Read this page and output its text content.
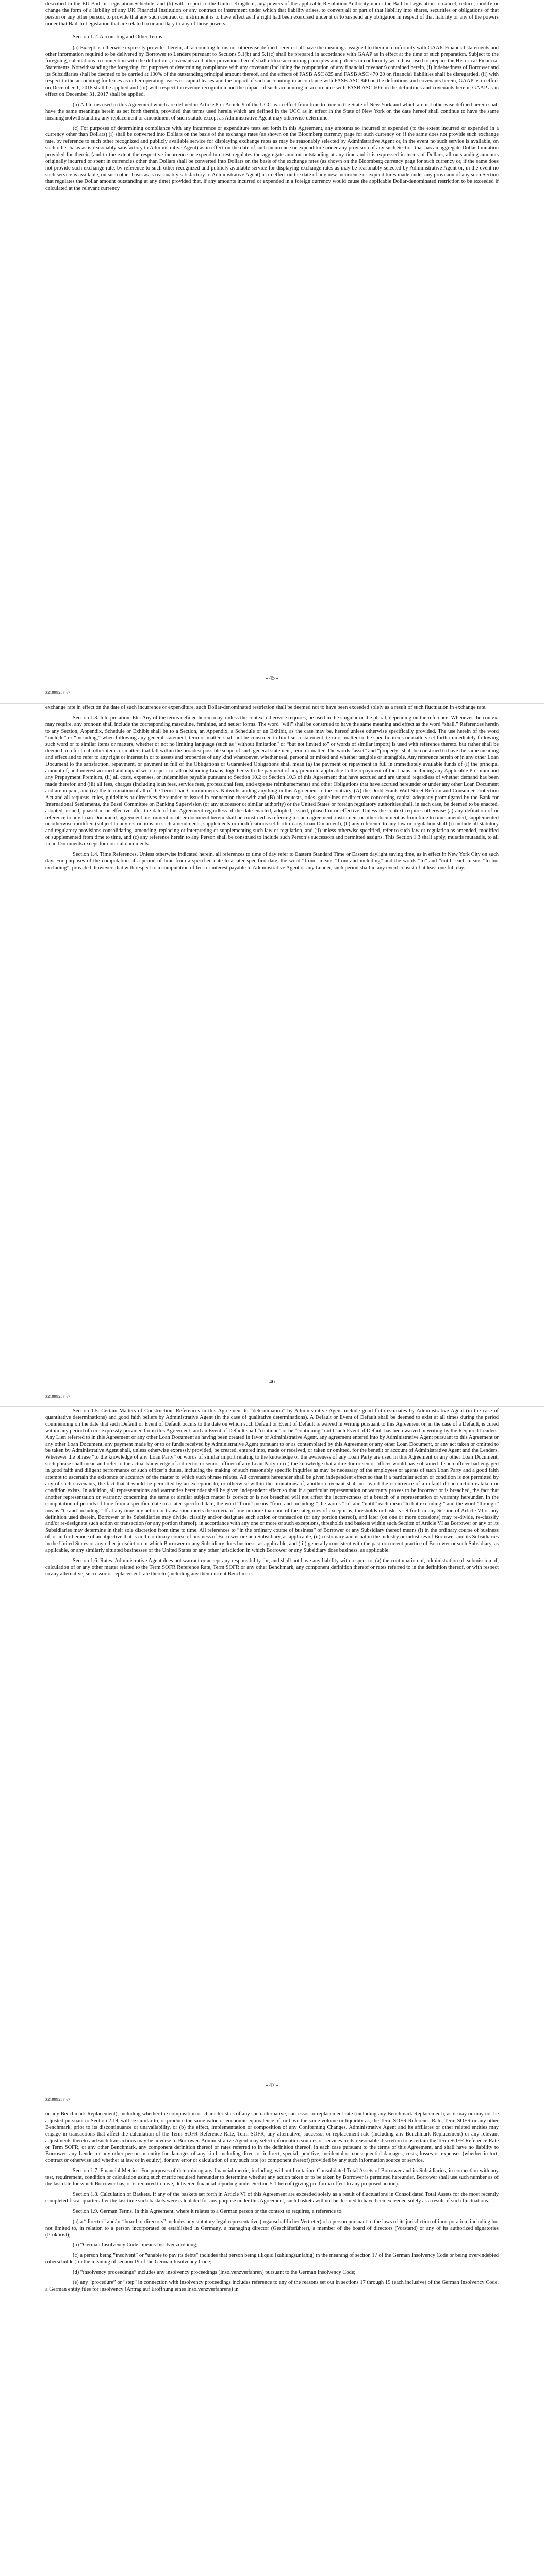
described in the EU Bail-In Legislation Schedule, and (b) with respect to the United Kingdom, any powers of the applicable Resolution Authority under the Bail-In Legislation to cancel, reduce, modify or change the form of a liability of any UK Financial Institution or any contract or instrument under which that liability arises, to convert all or part of that liability into shares, securities or obligations of that person or any other person, to provide that any such contract or instrument is to have effect as if a right had been exercised under it or to suspend any obligation in respect of that liability or any of the powers under that Bail-In Legislation that are related to or ancillary to any of those powers.

Section 1.2. Accounting and Other Terms.

(a) Except as otherwise expressly provided herein, all accounting terms not otherwise defined herein shall have the meanings assigned to them in conformity with GAAP. Financial statements and other information required to be delivered by Borrower to Lenders pursuant to Sections 5.1(b) and 5.1(c) shall be prepared in accordance with GAAP as in effect at the time of such preparation. Subject to the foregoing, calculations in connection with the definitions, covenants and other provisions hereof shall utilize accounting principles and policies in conformity with those used to prepare the Historical Financial Statements. Notwithstanding the foregoing, for purposes of determining compliance with any covenant (including the computation of any financial covenant) contained herein, (i) Indebtedness of Borrower and its Subsidiaries shall be deemed to be carried at 100% of the outstanding principal amount thereof, and the effects of FASB ASC 825 and FASB ASC 470 20 on financial liabilities shall be disregarded, (ii) with respect to the accounting for leases as either operating leases or capital leases and the impact of such accounting in accordance with FASB ASC 840 on the definitions and covenants herein, GAAP as in effect on December 1, 2018 shall be applied and (iii) with respect to revenue recognition and the impact of such accounting in accordance with FASB ASC 606 on the definitions and covenants herein, GAAP as in effect on December 31, 2017 shall be applied.

(b) All terms used in this Agreement which are defined in Article 8 or Article 9 of the UCC as in effect from time to time in the State of New York and which are not otherwise defined herein shall have the same meanings herein as set forth therein, provided that terms used herein which are defined in the UCC as in effect in the State of New York on the date hereof shall continue to have the same meaning notwithstanding any replacement or amendment of such statute except as Administrative Agent may otherwise determine.

(c) For purposes of determining compliance with any incurrence or expenditure tests set forth in this Agreement, any amounts so incurred or expended (to the extent incurred or expended in a currency other than Dollars) (i) shall be converted into Dollars on the basis of the exchange rates (as shown on the Bloomberg currency page for such currency or, if the same does not provide such exchange rate, by reference to such other recognized and publicly available service for displaying exchange rates as may be reasonably selected by Administrative Agent or, in the event no such service is available, on such other basis as is reasonably satisfactory to Administrative Agent) as in effect on the date of such incurrence or expenditure under any provision of any such Section that has an aggregate Dollar limitation provided for therein (and to the extent the respective incurrence or expenditure test regulates the aggregate amount outstanding at any time and it is expressed in terms of Dollars, all outstanding amounts originally incurred or spent in currencies other than Dollars shall be converted into Dollars on the basis of the exchange rates (as shown on the Bloomberg currency page for such currency or, if the same does not provide such exchange rate, by reference to such other recognized and publicly available service for displaying exchange rates as may be reasonably selected by Administrative Agent or, in the event no such service is available, on such other basis as is reasonably satisfactory to Administrative Agent) as in effect on the date of any new incurrence or expenditures made under any provision of any such Section that regulates the Dollar amount outstanding at any time) provided that, if any amounts incurred or expended in a foreign currency would cause the applicable Dollar-denominated restriction to be exceeded if calculated at the relevant currency

- 45 -
321999257 v7

exchange rate in effect on the date of such incurrence or expenditure, such Dollar-denominated restriction shall be deemed not to have been exceeded solely as a result of such fluctuation in exchange rate.

Section 1.3. Interpretation, Etc. Any of the terms defined herein may, unless the context otherwise requires, be used in the singular or the plural, depending on the reference. Whenever the context may require, any pronoun shall include the corresponding masculine, feminine, and neuter forms. The word “will” shall be construed to have the same meaning and effect as the word “shall.” References herein to any Section, Appendix, Schedule or Exhibit shall be to a Section, an Appendix, a Schedule or an Exhibit, as the case may be, hereof unless otherwise specifically provided. The use herein of the word “include” or “including,” when following any general statement, term or matter, shall not be construed to limit such statement, term or matter to the specific items or matters set forth immediately following such word or to similar items or matters, whether or not no limiting language (such as “without limitation” or “but not limited to” or words of similar import) is used with reference thereto, but rather shall be deemed to refer to all other items or matters that fall within the broadest possible scope of such general statement, term or matter. The words “asset” and “property” shall be construed to have the same meaning and effect and to refer to any right or interest in or to assets and properties of any kind whatsoever, whether real, personal or mixed and whether tangible or intangible. Any reference herein or in any other Loan Document to the satisfaction, repayment, or payment in full of the Obligations or Guaranteed Obligations shall mean (a) the payment or repayment in full in immediately available funds of (i) the principal amount of, and interest accrued and unpaid with respect to, all outstanding Loans, together with the payment of any premium applicable to the repayment of the Loans, including any Applicable Premium and any Prepayment Premium, (ii) all costs, expenses, or indemnities payable pursuant to Section 10.2 or Section 10.3 of this Agreement that have accrued and are unpaid regardless of whether demand has been made therefor, and (iii) all fees, charges (including loan fees, service fees, professional fees, and expense reimbursements) and other Obligations that have accrued hereunder or under any other Loan Document and are unpaid, and (iv) the termination of all of the Term Loan Commitments. Notwithstanding anything in this Agreement to the contrary, (A) the Dodd-Frank Wall Street Reform and Consumer Protection Act and all requests, rules, guidelines or directives thereunder or issued in connection therewith and (B) all requests, rules, guidelines or directives concerning capital adequacy promulgated by the Bank for International Settlements, the Basel Committee on Banking Supervision (or any successor or similar authority) or the United States or foreign regulatory authorities shall, in each case, be deemed to be enacted, adopted, issued, phased in or effective after the date of this Agreement regardless of the date enacted, adopted, issued, phased in or effective. Unless the context requires otherwise (a) any definition of or reference to any Loan Document, agreement, instrument or other document herein shall be construed as referring to such agreement, instrument or other document as from time to time amended, supplemented or otherwise modified (subject to any restrictions on such amendments, supplements or modifications set forth in any Loan Document), (b) any reference to any law or regulation shall (i) include all statutory and regulatory provisions consolidating, amending, replacing or interpreting or supplementing such law or regulation, and (ii) unless otherwise specified, refer to such law or regulation as amended, modified or supplemented from time to time, and (c) any reference herein to any Person shall be construed to include such Person’s successors and permitted assigns. This Section 1.3 shall apply, mutatis mutandis, to all Loan Documents except for notarial documents.

Section 1.4. Time References. Unless otherwise indicated herein, all references to time of day refer to Eastern Standard Time or Eastern daylight saving time, as in effect in New York City on such day. For purposes of the computation of a period of time from a specified date to a later specified date, the word “from” means “from and including” and the words “to” and “until” each means “to but excluding”; provided, however, that with respect to a computation of fees or interest payable to Administrative Agent or any Lender, such period shall in any event consist of at least one full day.

- 46 -
321999257 v7

Section 1.5. Certain Matters of Construction. References in this Agreement to “determination” by Administrative Agent include good faith estimates by Administrative Agent (in the case of quantitative determinations) and good faith beliefs by Administrative Agent (in the case of qualitative determinations). A Default or Event of Default shall be deemed to exist at all times during the period commencing on the date that such Default or Event of Default occurs to the date on which such Default or Event of Default is waived in writing pursuant to this Agreement or, in the case of a Default, is cured within any period of cure expressly provided for in this Agreement; and an Event of Default shall “continue” or be “continuing” until such Event of Default has been waived in writing by the Required Lenders. Any Lien referred to in this Agreement or any other Loan Document as having been created in favor of Administrative Agent, any agreement entered into by Administrative Agent pursuant to this Agreement or any other Loan Document, any payment made by or to or funds received by Administrative Agent pursuant to or as contemplated by this Agreement or any other Loan Document, or any act taken or omitted to be taken by Administrative Agent shall, unless otherwise expressly provided, be created, entered into, made or received, or taken or omitted, for the benefit or account of Administrative Agent and the Lenders. Wherever the phrase “to the knowledge of any Loan Party” or words of similar import relating to the knowledge or the awareness of any Loan Party are used in this Agreement or any other Loan Document, such phrase shall mean and refer to the actual knowledge of a director or senior officer of any Loan Party or (ii) the knowledge that a director or senior officer would have obtained if such officer had engaged in good faith and diligent performance of such officer’s duties, including the making of such reasonably specific inquiries as may be necessary of the employees or agents of such Loan Party and a good faith attempt to ascertain the existence or accuracy of the matter to which such phrase relates. All covenants hereunder shall be given independent effect so that if a particular action or condition is not permitted by any of such covenants, the fact that it would be permitted by an exception to, or otherwise within the limitations of, another covenant shall not avoid the occurrence of a default if such action is taken or condition exists. In addition, all representations and warranties hereunder shall be given independent effect so that if a particular representation or warranty proves to be incorrect or is breached, the fact that another representation or warranty concerning the same or similar subject matter is correct or is not breached will not affect the incorrectness of a breach of a representation or warranty hereunder. In the computation of periods of time from a specified date to a later specified date, the word “from” means “from and including;” the words “to” and “until” each mean “to but excluding;” and the word “through” means “to and including.” If at any time any action or transaction meets the criteria of one or more than one of the categories of exceptions, thresholds or baskets set forth in any Section of Article VI or any definition used therein, Borrower or its Subsidiaries may divide, classify and/or designate such action or transaction (or any portion thereof), and later (on one or more occasions) may re-divide, re-classify and/or re-designate such action or transaction (or any portion thereof), in accordance with any one or more of such exceptions, thresholds and baskets within such Section of Article VI as Borrower or any of its Subsidiaries may determine in their sole discretion from time to time. All references to “in the ordinary course of business” of Borrower or any Subsidiary thereof means (i) in the ordinary course of business of, or in furtherance of an objective that is in the ordinary course of business of Borrower or such Subsidiary, as applicable, (ii) customary and usual in the industry or industries of Borrower and its Subsidiaries in the United States or any other jurisdiction in which Borrower or any Subsidiary does business, as applicable, and (iii) generally consistent with the past or current practice of Borrower or such Subsidiary, as applicable, or any similarly situated businesses of the United States or any other jurisdiction in which Borrower or any Subsidiary does business, as applicable.

Section 1.6. Rates. Administrative Agent does not warrant or accept any responsibility for, and shall not have any liability with respect to, (a) the continuation of, administration of, submission of, calculation of or any other matter related to the Term SOFR Reference Rate, Term SOFR or any other Benchmark, any component definition thereof or rates referred to in the definition thereof, or with respect to any alternative, successor or replacement rate thereto (including any then-current Benchmark

- 47 -
321999257 v7

or any Benchmark Replacement), including whether the composition or characteristics of any such alternative, successor or replacement rate (including any Benchmark Replacement), as it may or may not be adjusted pursuant to Section 2.19, will be similar to, or produce the same value or economic equivalence of, or have the same volume or liquidity as, the Term SOFR Reference Rate, Term SOFR or any other Benchmark, prior to its discontinuance or unavailability, or (b) the effect, implementation or composition of any Conforming Changes. Administrative Agent and its affiliates or other related entities may engage in transactions that affect the calculation of the Term SOFR Reference Rate, Term SOFR, any alternative, successor or replacement rate (including any Benchmark Replacement) or any relevant adjustments thereto and such transactions may be adverse to Borrower. Administrative Agent may select information sources or services in its reasonable discretion to ascertain the Term SOFR Reference Rate or Term SOFR, or any other Benchmark, any component definition thereof or rates referred to in the definition thereof, in each case pursuant to the terms of this Agreement, and shall have no liability to Borrower, any Lender or any other person or entity for damages of any kind, including direct or indirect, special, punitive, incidental or consequential damages, costs, losses or expenses (whether in tort, contract or otherwise and whether at law or in equity), for any error or calculation of any such rate (or component thereof) provided by any such information source or service.

Section 1.7. Financial Metrics. For purposes of determining any financial metric, including, without limitation, Consolidated Total Assets of Borrower and its Subsidiaries, in connection with any test, requirement, condition or calculation using such metric required hereunder to determine whether any action taken or to be taken by Borrower is permitted hereunder, Borrower shall use such number as of the last date for which Borrower has, or is required to have, delivered financial reporting under Section 5.1 hereof (giving pro forma effect to any proposed action).

Section 1.8. Calculation of Baskets. If any of the baskets set forth in Article VI of this Agreement are exceeded solely as a result of fluctuations in Consolidated Total Assets for the most recently completed fiscal quarter after the last time such baskets were calculated for any purpose under this Agreement, such baskets will not be deemed to have been exceeded solely as a result of such fluctuations.

Section 1.9. German Terms. In this Agreement, where it relates to a German person or the context so requires, a reference to:

(a) a “director” and/or “board of directors” includes any statutory legal representative (organschaftlicher Vertreter) of a person pursuant to the laws of its jurisdiction of incorporation, including but not limited to, in relation to a person incorporated or established in Germany, a managing director (Geschäftsführer), a member of the board of directors (Vorstand) or any of its authorized signatories (Prokurist);

(b) “German Insolvency Code” means Insolvenzordnung;

(c) a person being “insolvent” or “unable to pay its debts” includes that person being illiquid (zahlungsunfähig) in the meaning of section 17 of the German Insolvency Code or being over-indebted (überschuldet) in the meaning of section 19 of the German Insolvency Code;

(d) “insolvency proceedings” includes any insolvency proceedings (Insolvenzverfahren) pursuant to the German Insolvency Code;

(e) any “procedure” or “step” in connection with insolvency proceedings includes reference to any of the reasons set out in sections 17 through 19 (each inclusive) of the German Insolvency Code, a German entity files for insolvency (Antrag auf Eröffnung eines Insolvenzverfahrens) in
